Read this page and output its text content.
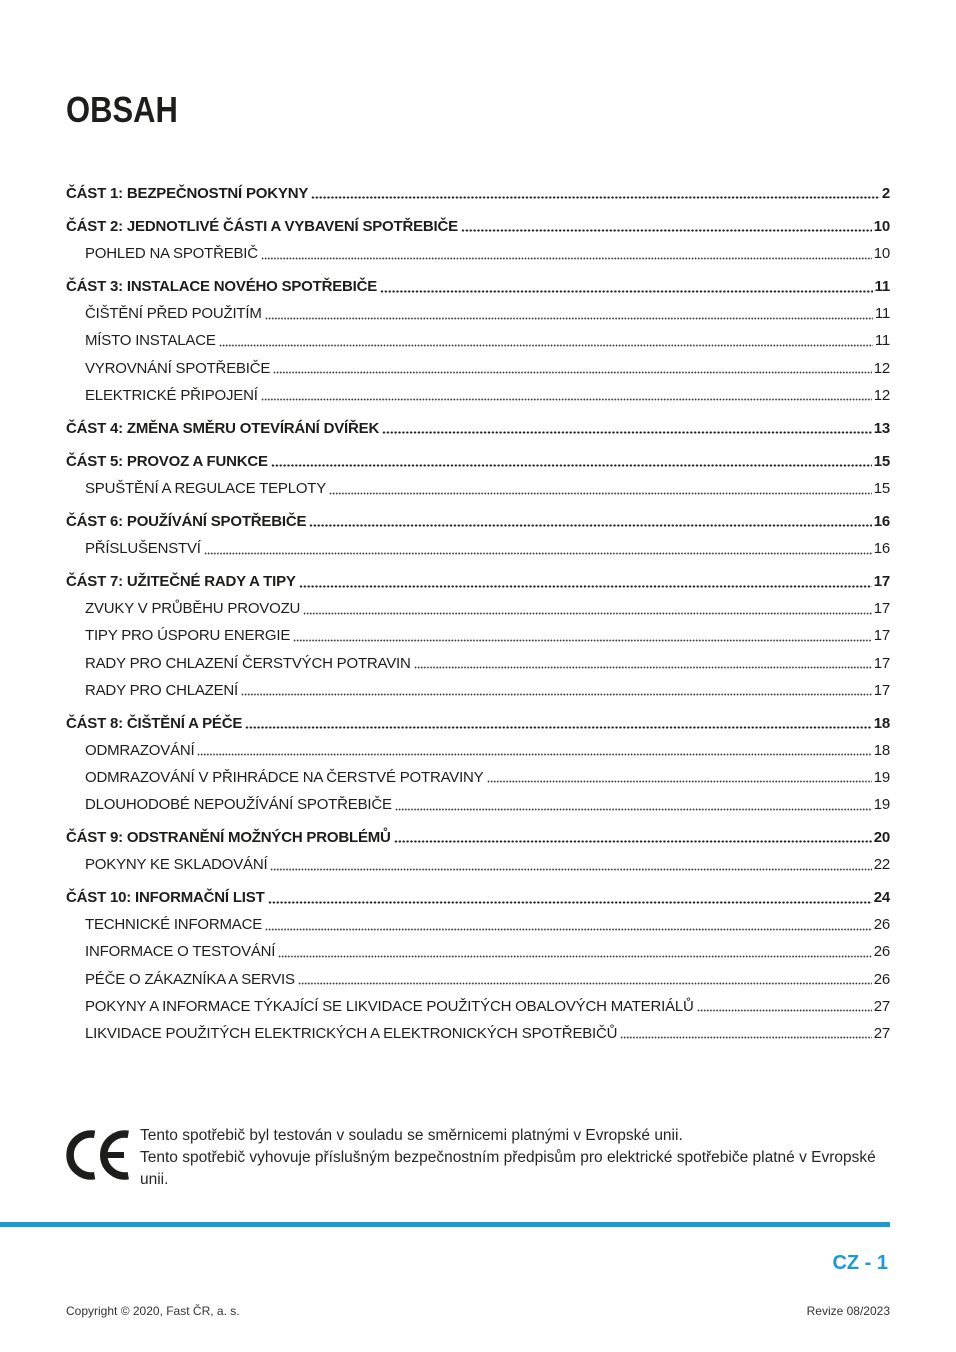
OBSAH
ČÁST 1: BEZPEČNOSTNÍ POKYNY	2
ČÁST 2: JEDNOTLIVÉ ČÁSTI A VYBAVENÍ SPOTŘEBIČE	10
POHLED NA SPOTŘEBIČ	10
ČÁST 3: INSTALACE NOVÉHO SPOTŘEBIČE	11
ČIŠTĚNÍ PŘED POUŽITÍM	11
MÍSTO INSTALACE	11
VYROVNÁNÍ SPOTŘEBIČE	12
ELEKTRICKÉ PŘIPOJENÍ	12
ČÁST 4: ZMĚNA SMĚRU OTEVÍRÁNÍ DVÍŘEK	13
ČÁST 5: PROVOZ A FUNKCE	15
SPUŠTĚNÍ A REGULACE TEPLOTY	15
ČÁST 6: POUŽÍVÁNÍ SPOTŘEBIČE	16
PŘÍSLUŠENSTVÍ	16
ČÁST 7: UŽITEČNÉ RADY A TIPY	17
ZVUKY V PRŮBĚHU PROVOZU	17
TIPY PRO ÚSPORU ENERGIE	17
RADY PRO CHLAZENÍ ČERSTVÝCH POTRAVIN	17
RADY PRO CHLAZENÍ	17
ČÁST 8: ČIŠTĚNÍ A PÉČE	18
ODMRAZOVÁNÍ	18
ODMRAZOVÁNÍ V PŘIHRÁDCE NA ČERSTVÉ POTRAVINY	19
DLOUHODOBÉ NEPOUŽÍVÁNÍ SPOTŘEBIČE	19
ČÁST 9: ODSTRANĚNÍ MOŽNÝCH PROBLÉMŮ	20
POKYNY KE SKLADOVÁNÍ	22
ČÁST 10: INFORMAČNÍ LIST	24
TECHNICKÉ INFORMACE	26
INFORMACE O TESTOVÁNÍ	26
PÉČE O ZÁKAZNÍKA A SERVIS	26
POKYNY A INFORMACE TÝKAJÍCÍ SE LIKVIDACE POUŽITÝCH OBALOVÝCH MATERIÁLŮ	27
LIKVIDACE POUŽITÝCH ELEKTRICKÝCH A ELEKTRONICKÝCH SPOTŘEBIČŮ	27
Tento spotřebič byl testován v souladu se směrnicemi platnými v Evropské unii.
Tento spotřebič vyhovuje příslušným bezpečnostním předpisům pro elektrické spotřebiče platné v Evropské unii.
CZ - 1
Copyright © 2020, Fast ČR, a. s.	Revize 08/2023
